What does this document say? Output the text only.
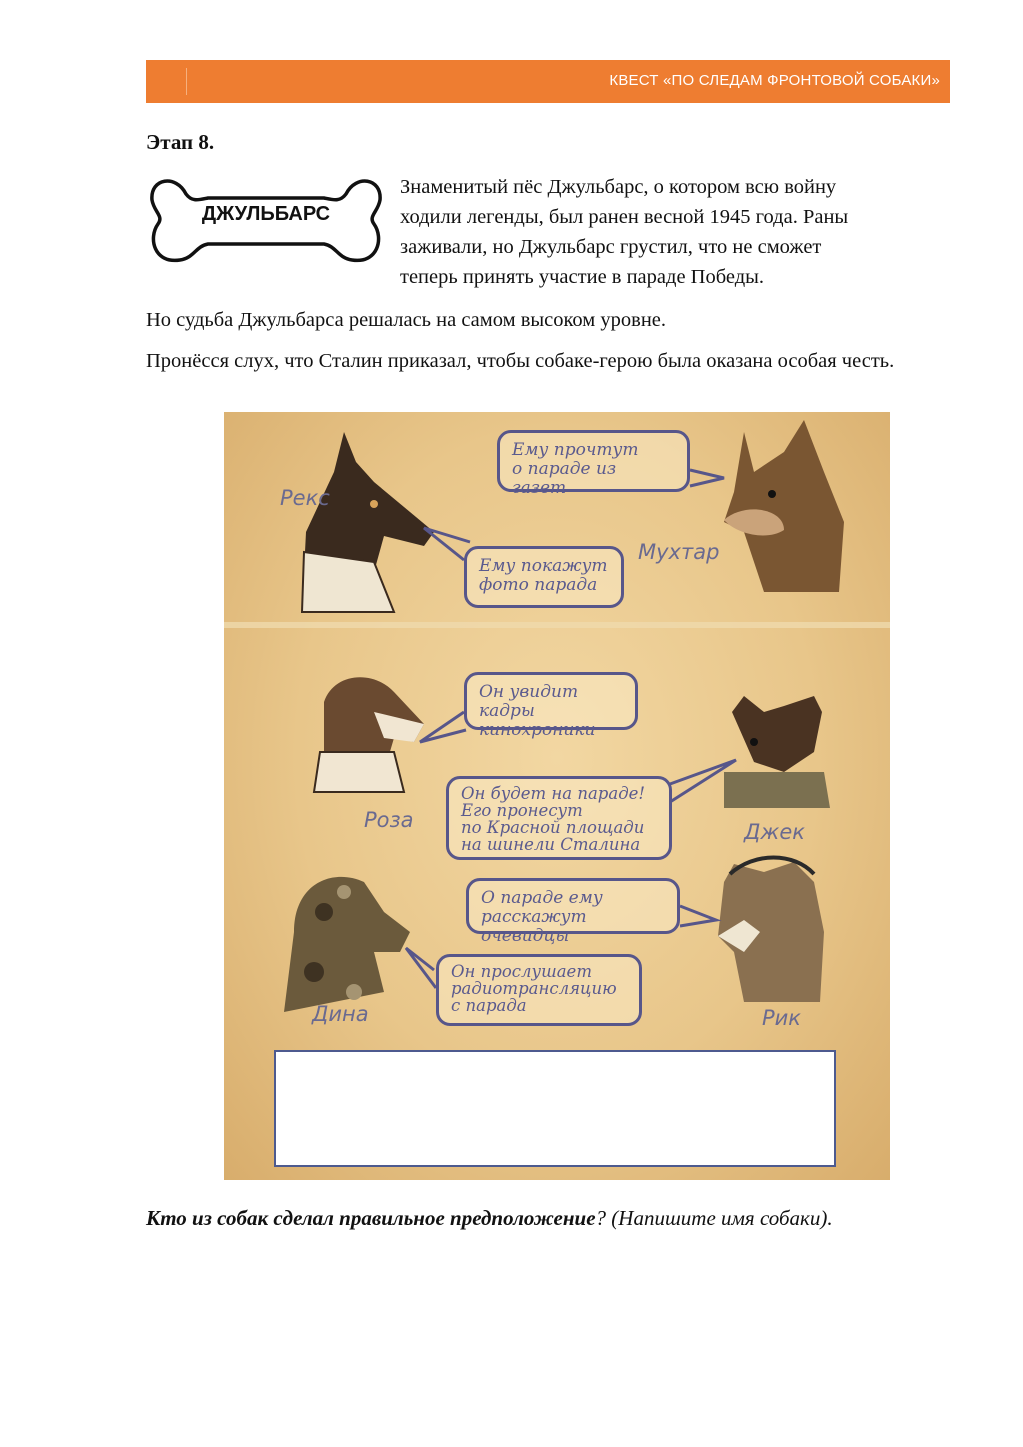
КВЕСТ «ПО СЛЕДАМ ФРОНТОВОЙ СОБАКИ»
Этап 8.
ДЖУЛЬБАРС

Знаменитый пёс Джульбарс, о котором всю войну
ходили легенды, был ранен весной 1945 года. Раны
заживали, но Джульбарс грустил, что не сможет
теперь принять участие в параде Победы.

Но судьба Джульбарса решалась на самом высоком уровне.

Пронёсся слух, что Сталин приказал, чтобы собаке-герою была оказана особая честь.

Ему прочтут
о параде из газет
Ему покажут
фото парада
Рекс
Мухтар
Он увидит
кадры кинохроники
Он будет на параде!
Его пронесут
по Красной площади
на шинели Сталина
Роза	Джек
О параде ему
расскажут очевидцы
Он прослушает
радиотрансляцию
с парада
Дина	Рик

Кто из собак сделал правильное предположение? (Напишите имя собаки).
